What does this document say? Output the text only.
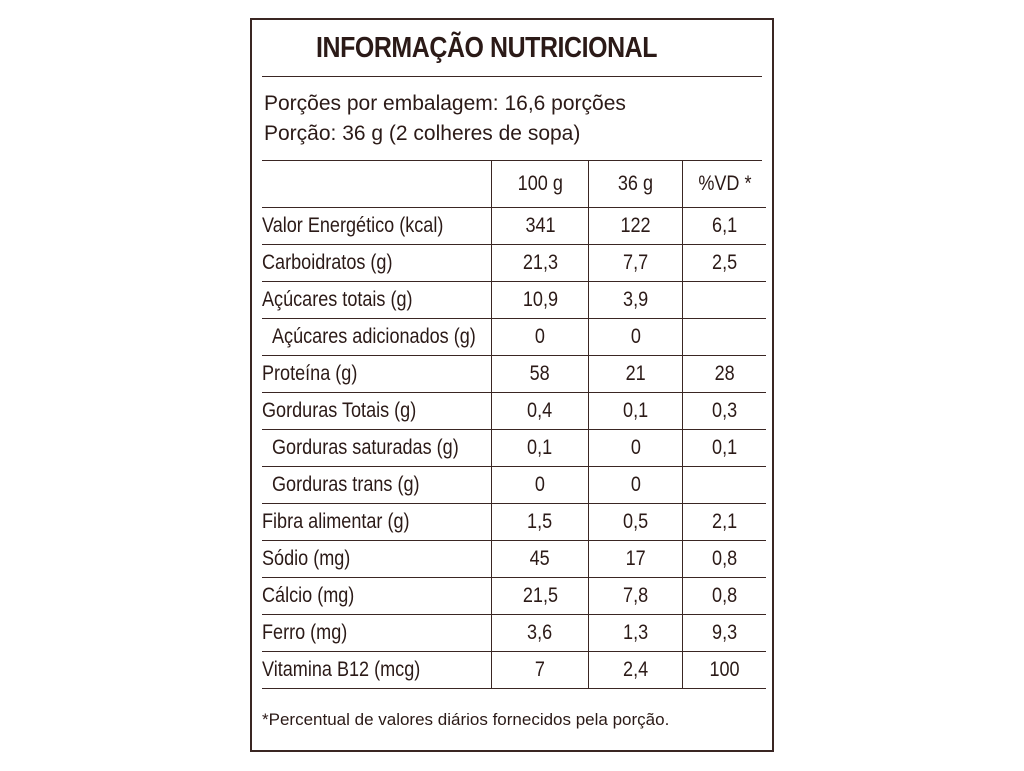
INFORMAÇÃO NUTRICIONAL
Porções por embalagem: 16,6 porções
Porção: 36 g (2 colheres de sopa)
	100 g	36 g	%VD *
Valor Energético (kcal)	341	122	6,1
Carboidratos (g)	21,3	7,7	2,5
Açúcares totais (g)	10,9	3,9	
Açúcares adicionados (g)	0	0	
Proteína (g)	58	21	28
Gorduras Totais (g)	0,4	0,1	0,3
Gorduras saturadas (g)	0,1	0	0,1
Gorduras trans (g)	0	0	
Fibra alimentar (g)	1,5	0,5	2,1
Sódio (mg)	45	17	0,8
Cálcio (mg)	21,5	7,8	0,8
Ferro (mg)	3,6	1,3	9,3
Vitamina B12 (mcg)	7	2,4	100
*Percentual de valores diários fornecidos pela porção.
